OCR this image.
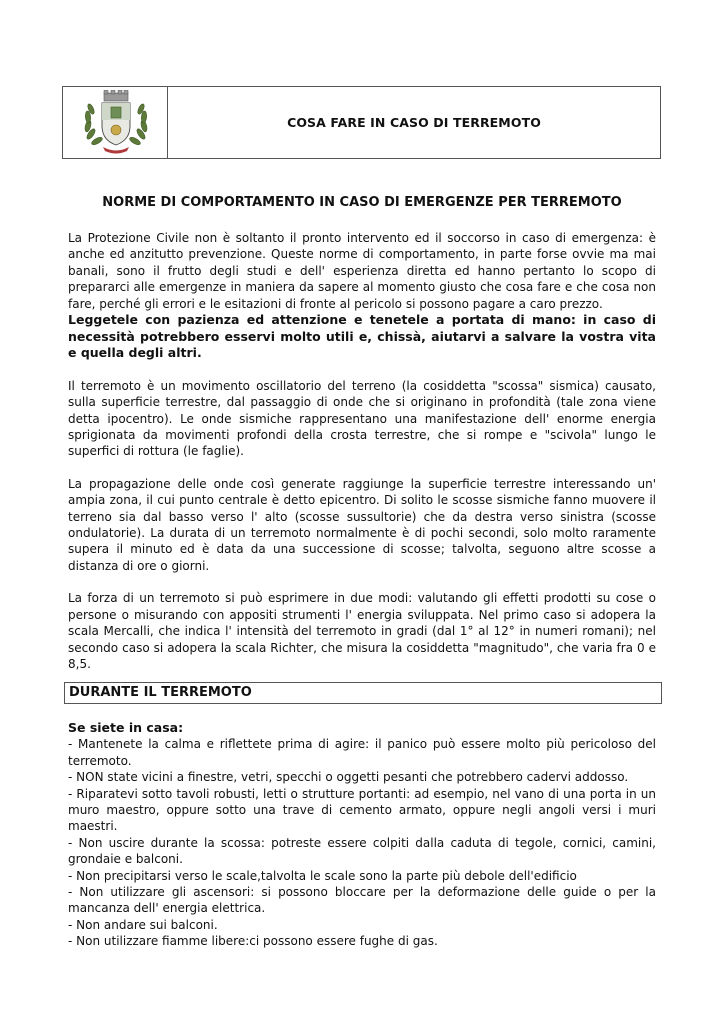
COSA FARE IN CASO DI TERREMOTO
NORME DI COMPORTAMENTO IN CASO DI EMERGENZE PER TERREMOTO

La Protezione Civile non è soltanto il pronto intervento ed il soccorso in caso di emergenza: è anche ed anzitutto prevenzione. Queste norme di comportamento, in parte forse ovvie ma mai banali, sono il frutto degli studi e dell' esperienza diretta ed hanno pertanto lo scopo di prepararci alle emergenze in maniera da sapere al momento giusto che cosa fare e che cosa non fare, perché gli errori e le esitazioni di fronte al pericolo si possono pagare a caro prezzo.

Leggetele con pazienza ed attenzione e tenetele a portata di mano: in caso di necessità potrebbero esservi molto utili e, chissà, aiutarvi a salvare la vostra vita e quella degli altri.

Il terremoto è un movimento oscillatorio del terreno (la cosiddetta "scossa" sismica) causato, sulla superficie terrestre, dal passaggio di onde che si originano in profondità (tale zona viene detta ipocentro). Le onde sismiche rappresentano una manifestazione dell' enorme energia sprigionata da movimenti profondi della crosta terrestre, che si rompe e "scivola" lungo le superfici di rottura (le faglie).

La propagazione delle onde così generate raggiunge la superficie terrestre interessando un' ampia zona, il cui punto centrale è detto epicentro. Di solito le scosse sismiche fanno muovere il terreno sia dal basso verso l' alto (scosse sussultorie) che da destra verso sinistra (scosse ondulatorie). La durata di un terremoto normalmente è di pochi secondi, solo molto raramente supera il minuto ed è data da una successione di scosse; talvolta, seguono altre scosse a distanza di ore o giorni.

La forza di un terremoto si può esprimere in due modi: valutando gli effetti prodotti su cose o persone o misurando con appositi strumenti l' energia sviluppata. Nel primo caso si adopera la scala Mercalli, che indica l' intensità del terremoto in gradi (dal 1° al 12° in numeri romani); nel secondo caso si adopera la scala Richter, che misura la cosiddetta "magnitudo", che varia fra 0 e 8,5.

DURANTE IL TERREMOTO

Se siete in casa:

- Mantenete la calma e riflettete prima di agire: il panico può essere molto più pericoloso del terremoto.

- NON state vicini a finestre, vetri, specchi o oggetti pesanti che potrebbero cadervi addosso.

- Riparatevi sotto tavoli robusti, letti o strutture portanti: ad esempio, nel vano di una porta in un muro maestro, oppure sotto una trave di cemento armato, oppure negli angoli versi i muri maestri.

- Non uscire durante la scossa: potreste essere colpiti dalla caduta di tegole, cornici, camini, grondaie e balconi.

- Non precipitarsi verso le scale,talvolta le scale sono la parte più debole dell'edificio

- Non utilizzare gli ascensori: si possono bloccare per la deformazione delle guide o per la mancanza dell' energia elettrica.

- Non andare sui balconi.

- Non utilizzare fiamme libere:ci possono essere fughe di gas.
